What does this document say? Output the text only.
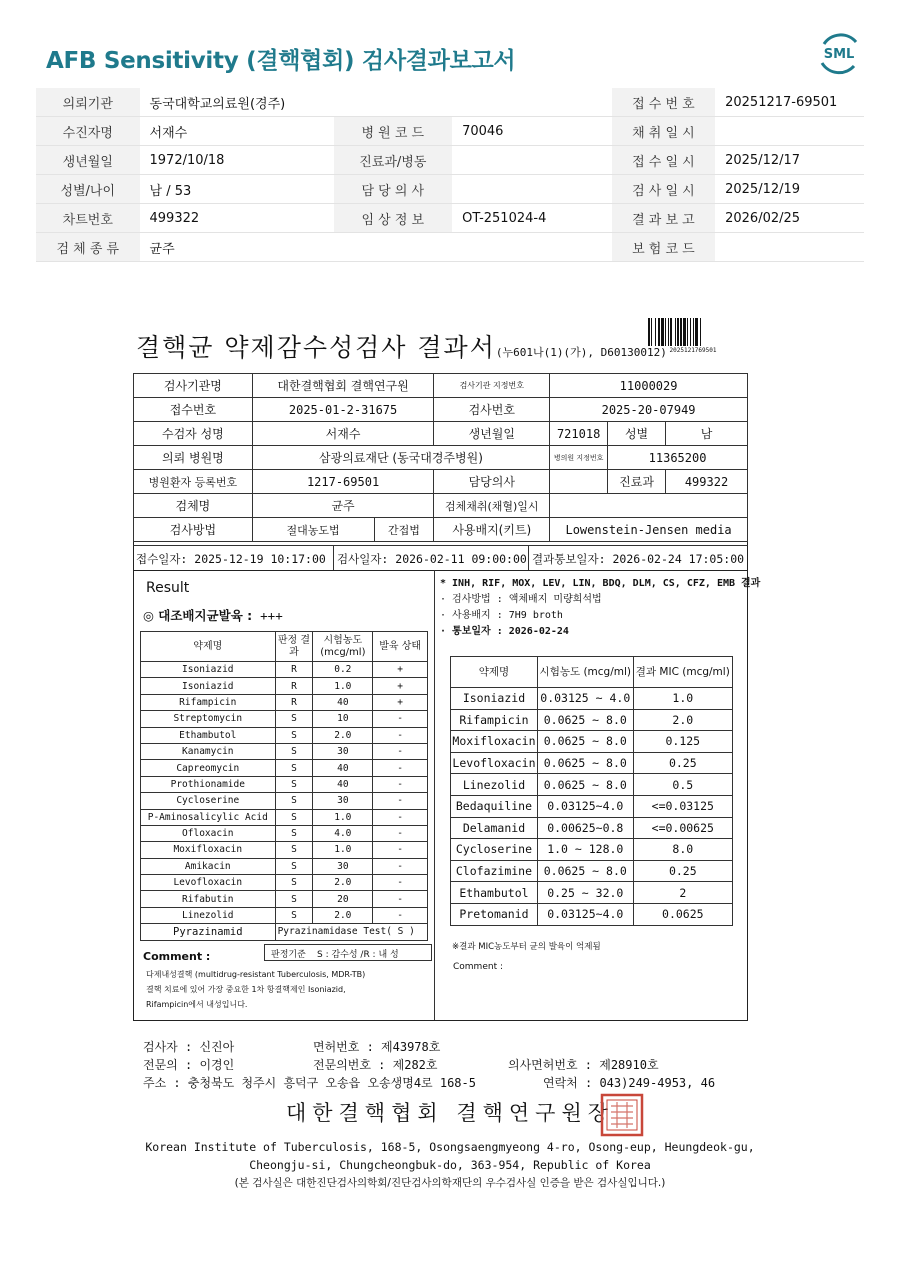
AFB Sensitivity (결핵협회) 검사결과보고서	SML
의뢰기관	동국대학교의료원(경주)			접 수 번 호	20251217-69501
수진자명	서재수	병 원 코 드	70046	채 취 일 시	
생년월일	1972/10/18	진료과/병동		접 수 일 시	2025/12/17
성별/나이	남 / 53	담 당 의 사		검 사 일 시	2025/12/19
차트번호	499322	임 상 정 보	OT-251024-4	결 과 보 고	2026/02/25
검 체 종 류	균주			보 험 코 드	
결핵균 약제감수성검사 결과서(누601나(1)(가), D60130012) 2025121769501
검사기관명	대한결핵협회 결핵연구원		검사기관 지정번호	11000029		
접수번호	2025-01-2-31675		검사번호	2025-20-07949		
수검자 성명	서재수		생년월일	721018	성별	남
의뢰 병원명	삼광의료재단 (동국대경주병원)			병의원 지정번호	11365200	
병원환자 등록번호	1217-69501		담당의사		진료과	499322
검체명	균주		검체채취(채혈)일시			
검사방법	절대농도법	간접법	사용배지(키트)	Lowenstein-Jensen media		
접수일자: 2025-12-19 10:17:00 검사일자: 2026-02-11 09:00:00 결과통보일자: 2026-02-24 17:05:00
Result
◎ 대조배지균발육 : +++
약제명	판정 결과	시험농도 (mcg/ml)	발육 상태
Isoniazid	R	0.2	+
Isoniazid	R	1.0	+
Rifampicin	R	40	+
Streptomycin	S	10	-
Ethambutol	S	2.0	-
Kanamycin	S	30	-
Capreomycin	S	40	-
Prothionamide	S	40	-
Cycloserine	S	30	-
P-Aminosalicylic Acid	S	1.0	-
Ofloxacin	S	4.0	-
Moxifloxacin	S	1.0	-
Amikacin	S	30	-
Levofloxacin	S	2.0	-
Rifabutin	S	20	-
Linezolid	S	2.0	-
Pyrazinamid	Pyrazinamidase Test( S )		
판정기준 S : 감수성 /R : 내 성
Comment :
다제내성결핵 (multidrug-resistant Tuberculosis, MDR-TB)
결핵 치료에 있어 가장 중요한 1차 항결핵제인 Isoniazid,
Rifampicin에서 내성입니다.
* INH, RIF, MOX, LEV, LIN, BDQ, DLM, CS, CFZ, EMB 결과
· 검사방법 : 액체배지 미량희석법
· 사용배지 : 7H9 broth
· 통보일자 : 2026-02-24
약제명	시험농도 (mcg/ml)	결과 MIC (mcg/ml)
Isoniazid	0.03125 ~ 4.0	1.0
Rifampicin	0.0625 ~ 8.0	2.0
Moxifloxacin	0.0625 ~ 8.0	0.125
Levofloxacin	0.0625 ~ 8.0	0.25
Linezolid	0.0625 ~ 8.0	0.5
Bedaquiline	0.03125~4.0	<=0.03125
Delamanid	0.00625~0.8	<=0.00625
Cycloserine	1.0 ~ 128.0	8.0
Clofazimine	0.0625 ~ 8.0	0.25
Ethambutol	0.25 ~ 32.0	2
Pretomanid	0.03125~4.0	0.0625
※결과 MIC농도부터 균의 발육이 억제됨
Comment :
검사자 : 신진아	면허번호 : 제43978호
전문의 : 이경인	전문의번호 : 제282호	의사면허번호 : 제28910호
주소 : 충청북도 청주시 흥덕구 오송읍 오송생명4로 168-5	연락처 : 043)249-4953, 46
대한결핵협회 결핵연구원장
Korean Institute of Tuberculosis, 168-5, Osongsaengmyeong 4-ro, Osong-eup, Heungdeok-gu,
Cheongju-si, Chungcheongbuk-do, 363-954, Republic of Korea
(본 검사실은 대한진단검사의학회/진단검사의학재단의 우수검사실 인증을 받은 검사실입니다.)
